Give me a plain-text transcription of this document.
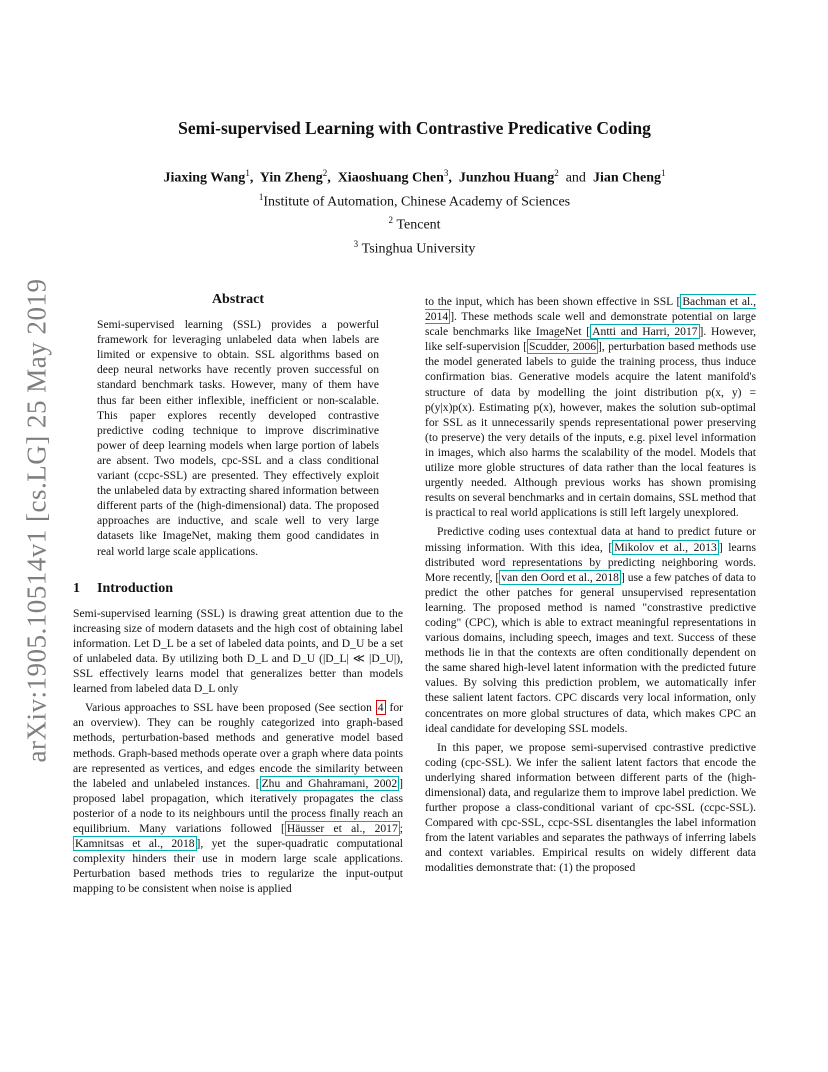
arXiv:1905.10514v1 [cs.LG] 25 May 2019
Semi-supervised Learning with Contrastive Predicative Coding
Jiaxing Wang$^1$,  Yin Zheng$^2$,  Xiaoshuang Chen$^3$,  Junzhou Huang$^2$ and Jian Cheng$^1$
$^1$Institute of Automation, Chinese Academy of Sciences
$^2$ Tencent
$^3$ Tsinghua University
Abstract

Semi-supervised learning (SSL) provides a powerful framework for leveraging unlabeled data when labels are limited or expensive to obtain. SSL algorithms based on deep neural networks have recently proven successful on standard benchmark tasks. However, many of them have thus far been either inflexible, inefficient or non-scalable. This paper explores recently developed contrastive predictive coding technique to improve discriminative power of deep learning models when large portion of labels are absent. Two models, cpc-SSL and a class conditional variant (ccpc-SSL) are presented. They effectively exploit the unlabeled data by extracting shared information between different parts of the (high-dimensional) data. The proposed approaches are inductive, and scale well to very large datasets like ImageNet, making them good candidates in real world large scale applications.

1 Introduction

Semi-supervised learning (SSL) is drawing great attention due to the increasing size of modern datasets and the high cost of obtaining label information. Let D_L be a set of labeled data points, and D_U be a set of unlabeled data. By utilizing both D_L and D_U (|D_L| ≪ |D_U|), SSL effectively learns model that generalizes better than models learned from labeled data D_L only

Various approaches to SSL have been proposed (See section 4 for an overview). They can be roughly categorized into graph-based methods, perturbation-based methods and generative model based methods. Graph-based methods operate over a graph where data points are represented as vertices, and edges encode the similarity between the labeled and unlabeled instances. [ Zhu and Ghahramani, 2002 ] proposed label propagation, which iteratively propagates the class posterior of a node to its neighbours until the process finally reach an equilibrium. Many variations followed [ Häusser et al., 2017 ; Kamnitsas et al., 2018 ], yet the super-quadratic computational complexity hinders their use in modern large scale applications. Perturbation based methods tries to regularize the input-output mapping to be consistent when noise is applied

to the input, which has been shown effective in SSL [ Bachman et al., 2014 ]. These methods scale well and demonstrate potential on large scale benchmarks like ImageNet [ Antti and Harri, 2017 ]. However, like self-supervision [ Scudder, 2006 ], perturbation based methods use the model generated labels to guide the training process, thus induce confirmation bias. Generative models acquire the latent manifold's structure of data by modelling the joint distribution p(x, y) = p(y|x)p(x). Estimating p(x), however, makes the solution sub-optimal for SSL as it unnecessarily spends representational power preserving (to preserve) the very details of the inputs, e.g. pixel level information in images, which also harms the scalability of the model. Models that utilize more globle structures of data rather than the local features is urgently needed. Although previous works has shown promising results on several benchmarks and in certain domains, SSL method that is practical to real world applications is still left largely unexplored.

Predictive coding uses contextual data at hand to predict future or missing information. With this idea, [ Mikolov et al., 2013 ] learns distributed word representations by predicting neighboring words. More recently, [ van den Oord et al., 2018 ] use a few patches of data to predict the other patches for general unsupervised representation learning. The proposed method is named "constrastive predictive coding" (CPC), which is able to extract meaningful representations in various domains, including speech, images and text. Success of these methods lie in that the contexts are often conditionally dependent on the same shared high-level latent information with the predicted future values. By solving this prediction problem, we automatically infer these salient latent factors. CPC discards very local information, only concentrates on more global structures of data, which makes CPC an ideal candidate for developing SSL models.

In this paper, we propose semi-supervised contrastive predictive coding (cpc-SSL). We infer the salient latent factors that encode the underlying shared information between different parts of the (high-dimensional) data, and regularize them to improve label prediction. We further propose a class-conditional variant of cpc-SSL (ccpc-SSL). Compared with cpc-SSL, ccpc-SSL disentangles the label information from the latent variables and separates the pathways of inferring labels and context variables. Empirical results on widely different data modalities demonstrate that: (1) the proposed
